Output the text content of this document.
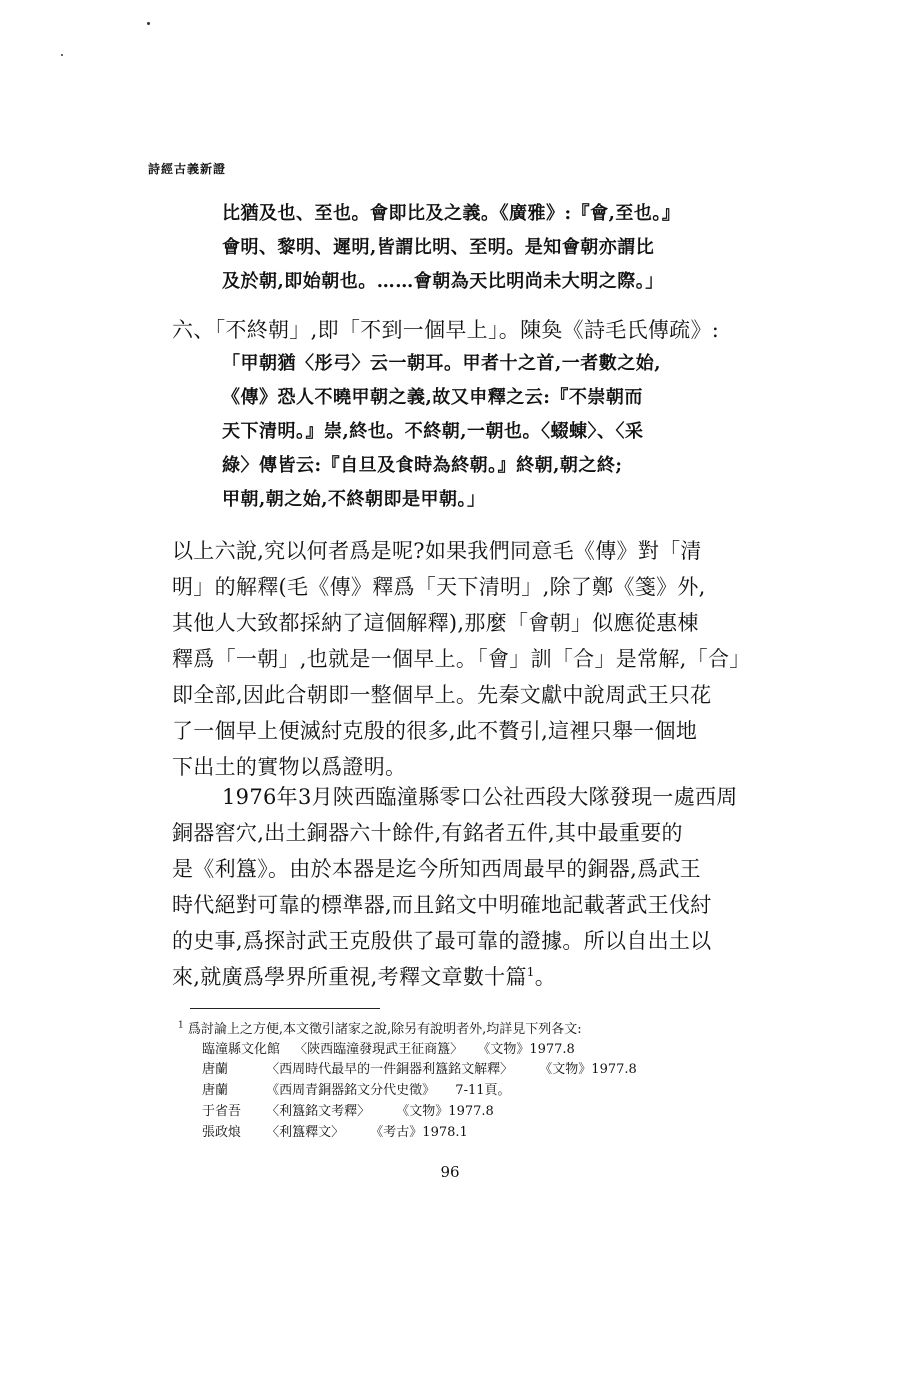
詩經古義新證
比猶及也、至也。會即比及之義。《廣雅》:『會,至也。』
會明、黎明、遲明,皆謂比明、至明。是知會朝亦謂比
及於朝,即始朝也。……會朝為天比明尚未大明之際。」
六、「不終朝」,即「不到一個早上」。陳奐《詩毛氏傳疏》:
「甲朝猶〈彤弓〉云一朝耳。甲者十之首,一者數之始,
《傳》恐人不曉甲朝之義,故又申釋之云:『不崇朝而
天下清明。』崇,終也。不終朝,一朝也。〈蝃蝀〉、〈采
綠〉傳皆云:『自旦及食時為終朝。』終朝,朝之終;
甲朝,朝之始,不終朝即是甲朝。」
以上六說,究以何者爲是呢?如果我們同意毛《傳》對「清
明」的解釋(毛《傳》釋爲「天下清明」,除了鄭《箋》外,
其他人大致都採納了這個解釋),那麼「會朝」似應從惠棟
釋爲「一朝」,也就是一個早上。「會」訓「合」是常解,「合」
即全部,因此合朝即一整個早上。先秦文獻中說周武王只花
了一個早上便滅紂克殷的很多,此不贅引,這裡只舉一個地
下出土的實物以爲證明。
1976年3月陝西臨潼縣零口公社西段大隊發現一處西周
銅器窖穴,出土銅器六十餘件,有銘者五件,其中最重要的
是《利簋》。由於本器是迄今所知西周最早的銅器,爲武王
時代絕對可靠的標準器,而且銘文中明確地記載著武王伐紂
的史事,爲探討武王克殷供了最可靠的證據。所以自出土以
來,就廣爲學界所重視,考釋文章數十篇$^1$。
$^1$ 爲討論上之方便,本文徵引諸家之說,除另有說明者外,均詳見下列各文:
臨潼縣文化館 〈陝西臨潼發現武王征商簋〉 《文物》1977.8
唐蘭	〈西周時代最早的一件銅器利簋銘文解釋〉 《文物》1977.8
唐蘭	《西周青銅器銘文分代史徵》 7-11頁。
于省吾 〈利簋銘文考釋〉 《文物》1977.8
張政烺 〈利簋釋文〉 《考古》1978.1
96
